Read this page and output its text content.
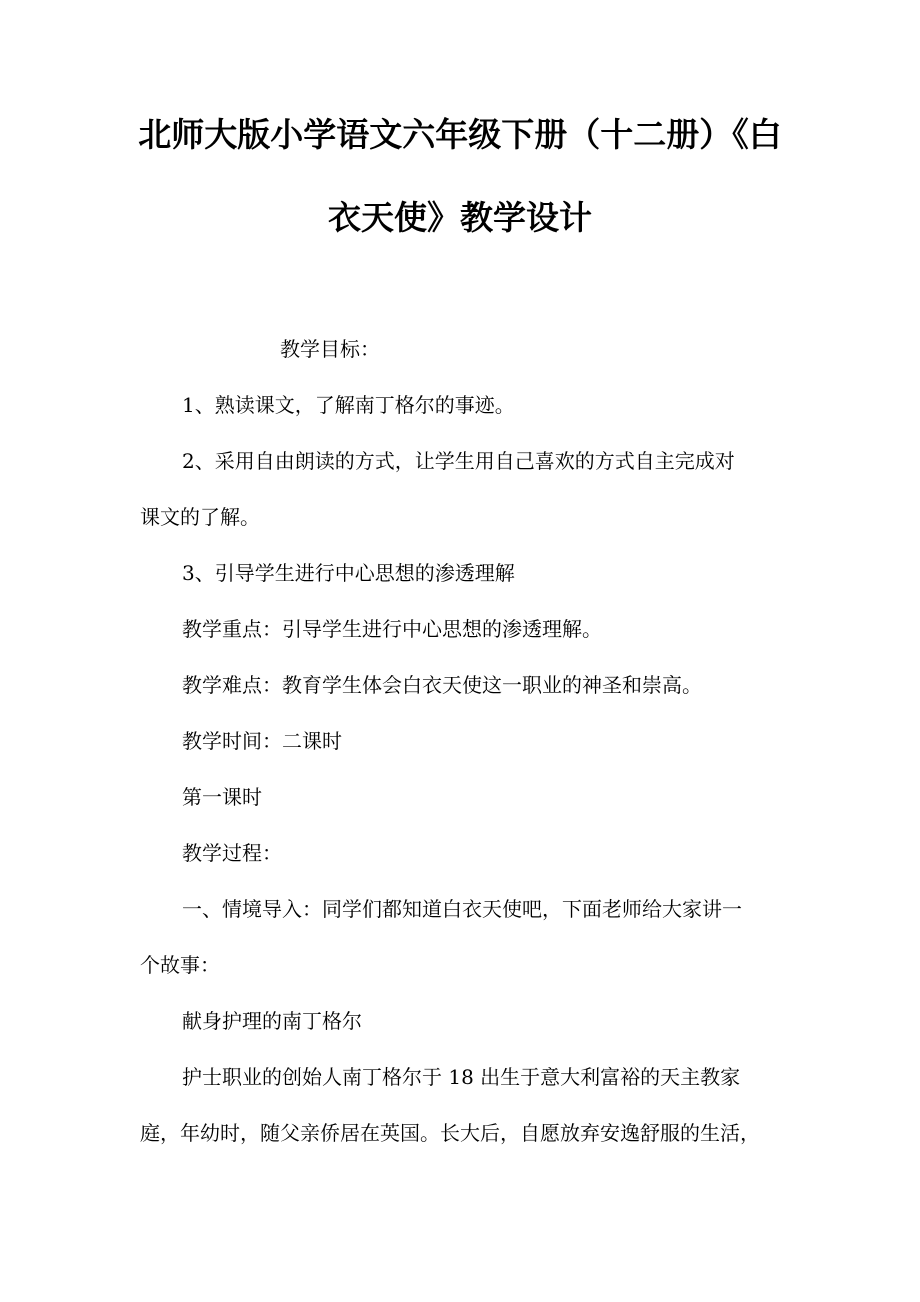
北师大版小学语文六年级下册（十二册）《白
衣天使》教学设计
教学目标：
1、熟读课文，了解南丁格尔的事迹。
2、采用自由朗读的方式，让学生用自己喜欢的方式自主完成对
课文的了解。
3、引导学生进行中心思想的渗透理解
教学重点：引导学生进行中心思想的渗透理解。
教学难点：教育学生体会白衣天使这一职业的神圣和崇高。
教学时间：二课时
第一课时
教学过程：
一、情境导入：同学们都知道白衣天使吧，下面老师给大家讲一
个故事：
献身护理的南丁格尔
护士职业的创始人南丁格尔于 18 出生于意大利富裕的天主教家
庭，年幼时，随父亲侨居在英国。长大后，自愿放弃安逸舒服的生活，
